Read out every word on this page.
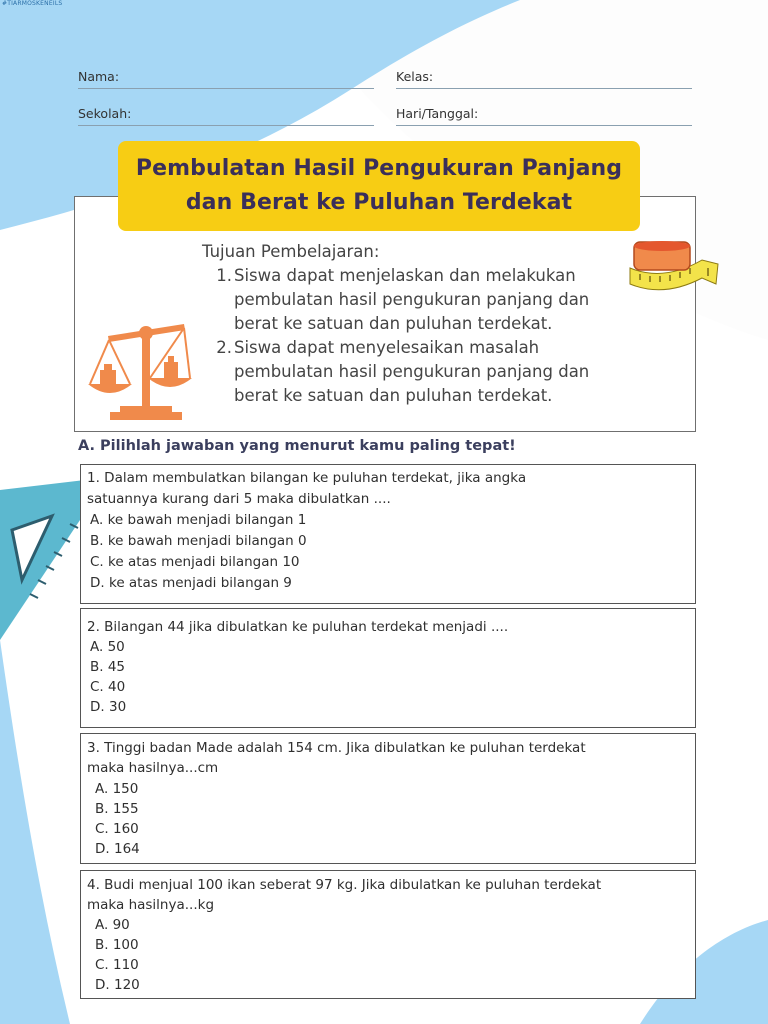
#TIARMOSKENEILS
Nama:	Kelas:
Sekolah:	Hari/Tanggal:
Pembulatan Hasil Pengukuran Panjang
dan Berat ke Puluhan Terdekat
Tujuan Pembelajaran:
1. Siswa dapat menjelaskan dan melakukan pembulatan hasil pengukuran panjang dan berat ke satuan dan puluhan terdekat.
2. Siswa dapat menyelesaikan masalah pembulatan hasil pengukuran panjang dan berat ke satuan dan puluhan terdekat.
A. Pilihlah jawaban yang menurut kamu paling tepat!
1. Dalam membulatkan bilangan ke puluhan terdekat, jika angka
satuannya kurang dari 5 maka dibulatkan ....
A. ke bawah menjadi bilangan 1
B. ke bawah menjadi bilangan 0
C. ke atas menjadi bilangan 10
D. ke atas menjadi bilangan 9
2. Bilangan 44 jika dibulatkan ke puluhan terdekat menjadi ....
A. 50
B. 45
C. 40
D. 30
3. Tinggi badan Made adalah 154 cm. Jika dibulatkan ke puluhan terdekat
maka hasilnya...cm
A. 150
B. 155
C. 160
D. 164
4. Budi menjual 100 ikan seberat 97 kg. Jika dibulatkan ke puluhan terdekat
maka hasilnya...kg
A. 90
B. 100
C. 110
D. 120
